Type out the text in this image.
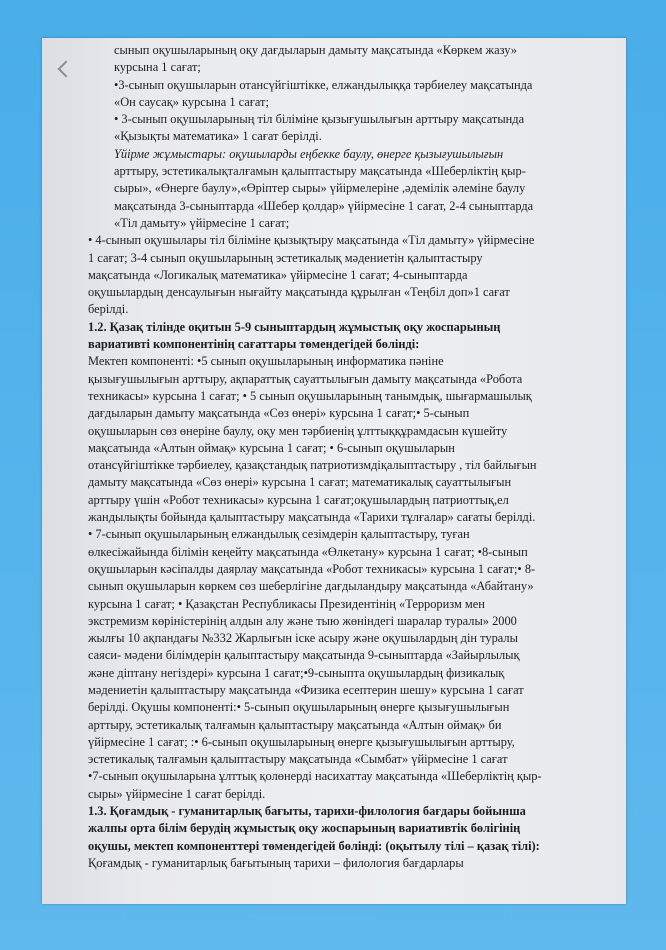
сынып оқушыларының оқу дағдыларын дамыту мақсатында «Көркем жазу»

курсына 1 сағат;

•3-сынып оқушыларын отансүйгіштікке, елжандылыққа тәрбиелеу мақсатында

«Он саусақ» курсына 1 сағат;

• 3-сынып оқушыларының тіл біліміне қызығушылығын арттыру мақсатында

«Қызықты математика» 1 сағат берілді.

Үйірме жұмыстары: оқушыларды еңбекке баулу, өнерге қызығушылығын

арттыру, эстетикалықталғамын қалыптастыру мақсатында «Шеберліктің қыр-

сыры», «Өнерге баулу»,«Өріптер сыры» үйірмелеріне ,әдемілік әлеміне баулу

мақсатында 3-сыныптарда «Шебер қолдар» үйірмесіне 1 сағат, 2-4 сыныптарда

«Тіл дамыту» үйірмесіне 1 сағат;

• 4-сынып оқушылары тіл біліміне қызықтыру мақсатында «Тіл дамыту» үйірмесіне

1 сағат; 3-4 сынып оқушыларының эстетикалық мәдениетін қалыптастыру

мақсатында «Логикалық математика» үйірмесіне 1 сағат; 4-сыныптарда

оқушылардың денсаулығын нығайту мақсатында құрылған «Теңбіл доп»1 сағат

берілді.

1.2. Қазақ тілінде оқитын 5-9 сыныптардың жұмыстық оқу жоспарының

вариативті компонентінің сағаттары төмендегідей бөлінді:

Мектеп компоненті: •5 сынып оқушыларының информатика пәніне

қызығушылығын арттыру, ақпараттық сауаттылығын дамыту мақсатында «Робота

техникасы» курсына 1 сағат; • 5 сынып оқушыларының танымдық, шығармашылық

дағдыларын дамыту мақсатында «Сөз өнері» курсына 1 сағат;• 5-сынып

оқушыларын сөз өнеріне баулу, оқу мен тәрбиенің ұлттыққұрамдасын күшейту

мақсатында «Алтын оймақ» курсына 1 сағат; • 6-сынып оқушыларын

отансүйгіштікке тәрбиелеу, қазақстандық патриотизмдіқалыптастыру , тіл байлығын

дамыту мақсатында «Сөз өнері» курсына 1 сағат; математикалық сауаттылығын

арттыру үшін «Робот техникасы» курсына 1 сағат;оқушылардың патриоттық,ел

жандылықты бойында қалыптастыру мақсатында «Тарихи тұлғалар» сағаты берілді.

• 7-сынып оқушыларының елжандылық сезімдерін қалыптастыру, туған

өлкесіжайында білімін кеңейту мақсатында «Өлкетану» курсына 1 сағат; •8-сынып

оқушыларын кәсіпалды даярлау мақсатында «Робот техникасы» курсына 1 сағат;• 8-

сынып оқушыларын көркем сөз шеберлігіне дағдыландыру мақсатында «Абайтану»

курсына 1 сағат; • Қазақстан Республикасы Президентінің «Терроризм мен

экстремизм көріністерінің алдын алу және тыю жөніндегі шаралар туралы» 2000

жылғы 10 ақпандағы №332 Жарлығын іске асыру және оқушылардың дін туралы

саяси- мәдени білімдерін қалыптастыру мақсатында 9-сыныптарда «Зайырлылық

және діптану негіздері» курсына 1 сағат;•9-сыныпта оқушылардың физикалық

мәдениетін қалыптастыру мақсатында «Физика есептерин шешу» курсына 1 сағат

берілді. Оқушы компоненті:• 5-сынып оқушыларының өнерге қызығушылығын

арттыру, эстетикалық талғамын қалыптастыру мақсатында «Алтын оймақ» би

үйірмесіне 1 сағат; :• 6-сынып оқушыларының өнерге қызығушылығын арттыру,

эстетикалық талғамын қалыптастыру мақсатында «Сымбат» үйірмесіне 1 сағат

•7-сынып оқушыларына ұлттық қолөнерді насихаттау мақсатында «Шеберліктің қыр-

сыры» үйірмесіне 1 сағат берілді.

1.3. Қоғамдық - гуманитарлық бағыты, тарихи-филология бағдары бойынша

жалпы орта білім берудің жұмыстық оқу жоспарының вариативтік бөлігінің

оқушы, мектеп компоненттері төмендегідей бөлінді: (оқытылу тілі – қазақ тілі):

Қоғамдық - гуманитарлық бағытының тарихи – филология бағдарлары
